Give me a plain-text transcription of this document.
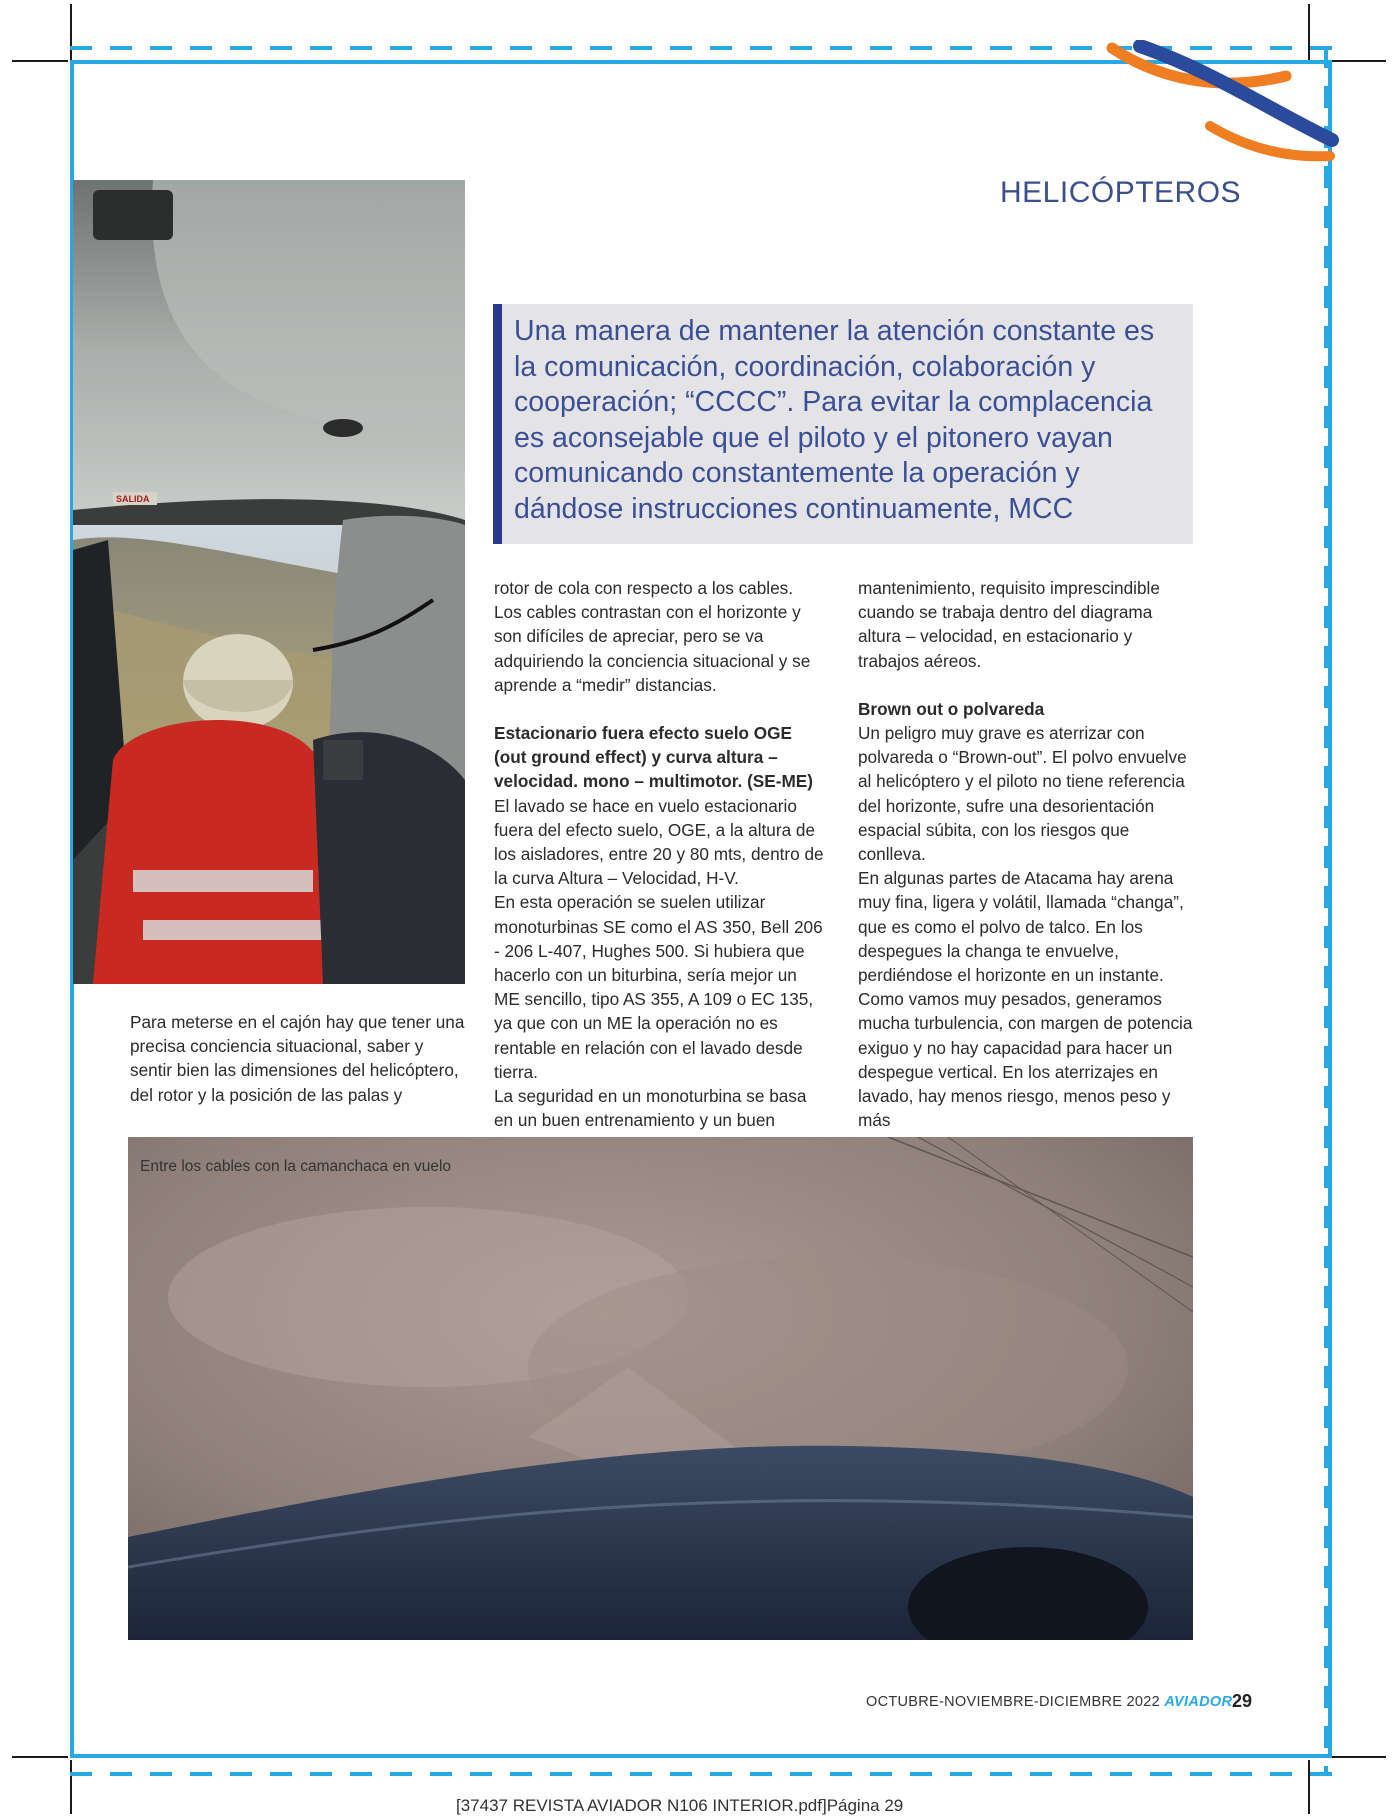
HELICÓPTEROS
SALIDA

Una manera de mantener la atención constante es la comunicación, coordinación, colaboración y cooperación; “CCCC”. Para evitar la complacencia es aconsejable que el piloto y el pitonero vayan comunicando constantemente la operación y dándose instrucciones continuamente, MCC

Para meterse en el cajón hay que tener una precisa conciencia situacional, saber y sentir bien las dimensiones del helicóptero, del rotor y la posición de las palas y

rotor de cola con respecto a los cables. Los cables contrastan con el horizonte y son difíciles de apreciar, pero se va adquiriendo la conciencia situacional y se aprende a “medir” distancias.

Estacionario fuera efecto suelo OGE (out ground effect) y curva altura – velocidad. mono – multimotor. (SE-ME)

El lavado se hace en vuelo estacionario fuera del efecto suelo, OGE, a la altura de los aisladores, entre 20 y 80 mts, dentro de la curva Altura – Velocidad, H-V.

En esta operación se suelen utilizar monoturbinas SE como el AS 350, Bell 206 - 206 L-407, Hughes 500. Si hubiera que hacerlo con un biturbina, sería mejor un ME sencillo, tipo AS 355, A 109 o EC 135, ya que con un ME la operación no es rentable en relación con el lavado desde tierra.

La seguridad en un monoturbina se basa en un buen entrenamiento y un buen

mantenimiento, requisito imprescindible cuando se trabaja dentro del diagrama altura – velocidad, en estacionario y trabajos aéreos.

Brown out o polvareda

Un peligro muy grave es aterrizar con polvareda o “Brown-out”. El polvo envuelve al helicóptero y el piloto no tiene referencia del horizonte, sufre una desorientación espacial súbita, con los riesgos que conlleva.

En algunas partes de Atacama hay arena muy fina, ligera y volátil, llamada “changa”, que es como el polvo de talco. En los despegues la changa te envuelve, perdiéndose el horizonte en un instante. Como vamos muy pesados, generamos mucha turbulencia, con margen de potencia exiguo y no hay capacidad para hacer un despegue vertical. En los aterrizajes en lavado, hay menos riesgo, menos peso y más

Entre los cables con la camanchaca en vuelo
OCTUBRE-NOVIEMBRE-DICIEMBRE 2022 AVIADOR 29
[37437 REVISTA AVIADOR N106 INTERIOR.pdf]Página 29
